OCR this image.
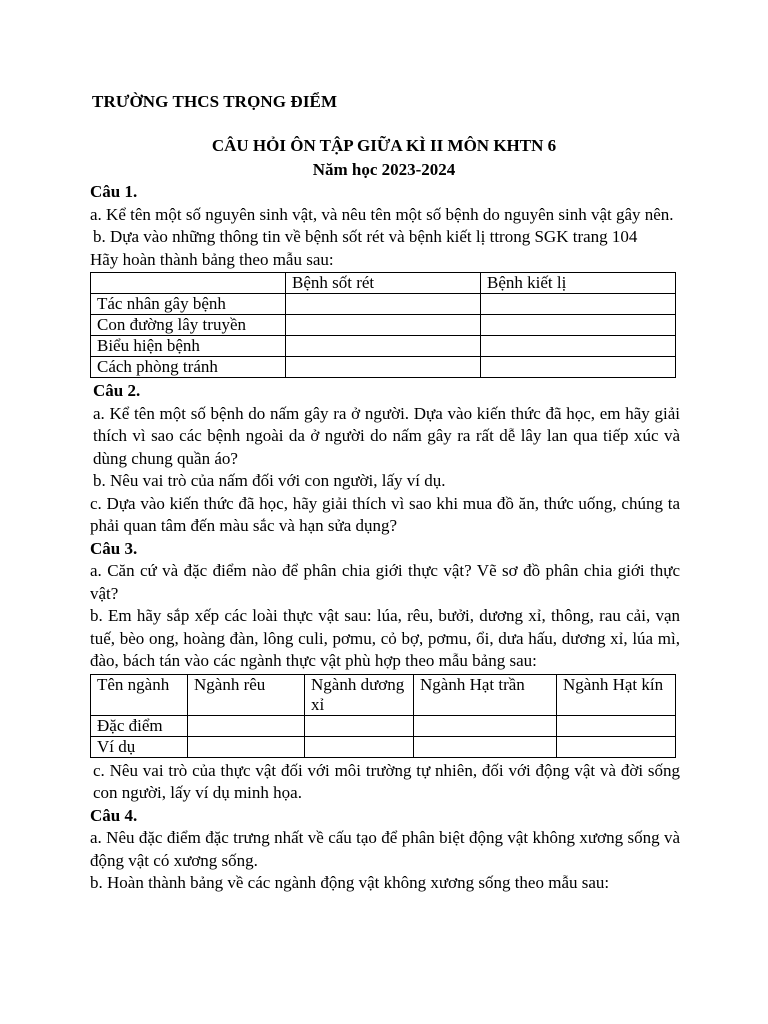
TRƯỜNG THCS TRỌNG ĐIỂM
CÂU HỎI ÔN TẬP GIỮA KÌ II MÔN KHTN 6
Năm học 2023-2024
Câu 1.

a. Kể tên một số nguyên sinh vật, và nêu tên một số bệnh do nguyên sinh vật gây nên.

b. Dựa vào những thông tin về bệnh sốt rét và bệnh kiết lị ttrong SGK trang 104

Hãy hoàn thành bảng theo mẫu sau:

	Bệnh sốt rét	Bệnh kiết lị
Tác nhân gây bệnh		
Con đường lây truyền		
Biểu hiện bệnh		
Cách phòng tránh		
Câu 2.

a. Kể tên một số bệnh do nấm gây ra ở người. Dựa vào kiến thức đã học, em hãy giải thích vì sao các bệnh ngoài da ở người do nấm gây ra rất dễ lây lan qua tiếp xúc và dùng chung quần áo?

b. Nêu vai trò của nấm đối với con người, lấy ví dụ.

c. Dựa vào kiến thức đã học, hãy giải thích vì sao khi mua đồ ăn, thức uống, chúng ta phải quan tâm đến màu sắc và hạn sửa dụng?

Câu 3.

a. Căn cứ và đặc điểm nào để phân chia giới thực vật? Vẽ sơ đồ phân chia giới thực vật?

b. Em hãy sắp xếp các loài thực vật sau: lúa, rêu, bưởi, dương xỉ, thông, rau cải, vạn tuế, bèo ong, hoàng đàn, lông culi, pơmu, cỏ bợ, pơmu, ổi, dưa hấu, dương xỉ, lúa mì, đào, bách tán vào các ngành thực vật phù hợp theo mẫu bảng sau:

Tên ngành	Ngành rêu	Ngành dương xỉ	Ngành Hạt trần	Ngành Hạt kín
Đặc điểm				
Ví dụ				

c. Nêu vai trò của thực vật đối với môi trường tự nhiên, đối với động vật và đời sống con người, lấy ví dụ minh họa.

Câu 4.

a. Nêu đặc điểm đặc trưng nhất về cấu tạo để phân biệt động vật không xương sống và động vật có xương sống.

b. Hoàn thành bảng về các ngành động vật không xương sống theo mẫu sau:
